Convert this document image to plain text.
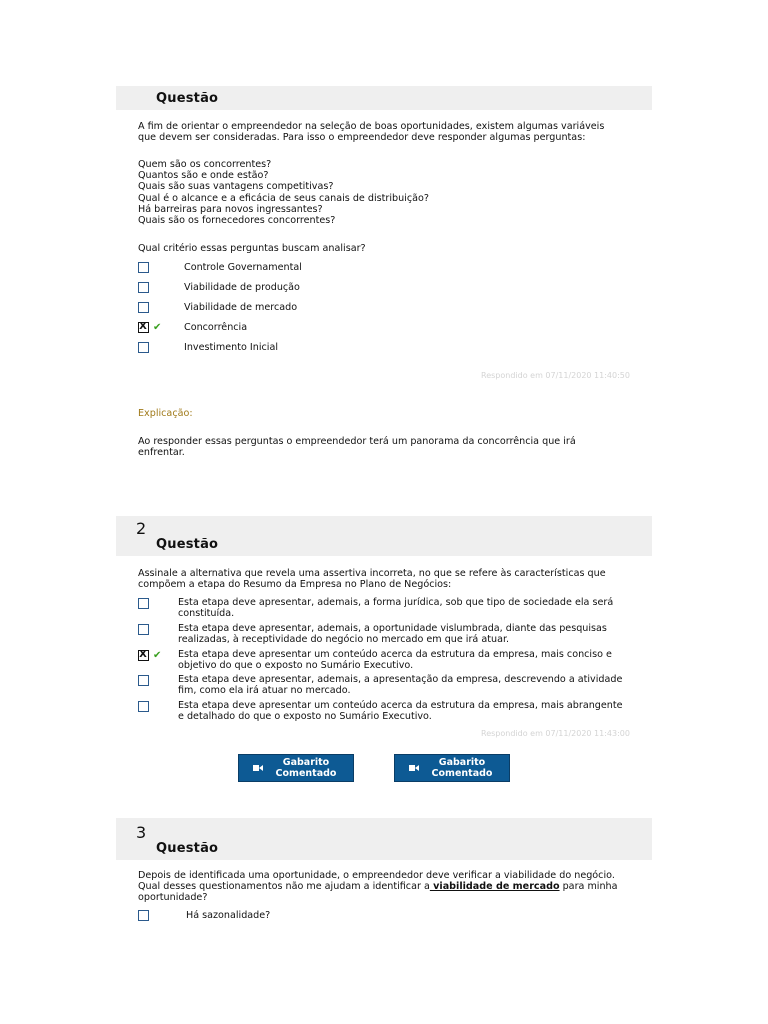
Questão
A fim de orientar o empreendedor na seleção de boas oportunidades, existem algumas variáveis
que devem ser consideradas. Para isso o empreendedor deve responder algumas perguntas:
Quem são os concorrentes?
Quantos são e onde estão?
Quais são suas vantagens competitivas?
Qual é o alcance e a eficácia de seus canais de distribuição?
Há barreiras para novos ingressantes?
Quais são os fornecedores concorrentes?
Qual critério essas perguntas buscam analisar?
Controle Governamental
Viabilidade de produção
Viabilidade de mercado
X ✔ Concorrência
Investimento Inicial
Respondido em 07/11/2020 11:40:50
Explicação:
Ao responder essas perguntas o empreendedor terá um panorama da concorrência que irá
enfrentar.
2
Questão
Assinale a alternativa que revela uma assertiva incorreta, no que se refere às características que
compõem a etapa do Resumo da Empresa no Plano de Negócios:
Esta etapa deve apresentar, ademais, a forma jurídica, sob que tipo de sociedade ela será
constituída.
Esta etapa deve apresentar, ademais, a oportunidade vislumbrada, diante das pesquisas
realizadas, à receptividade do negócio no mercado em que irá atuar.
X ✔ Esta etapa deve apresentar um conteúdo acerca da estrutura da empresa, mais conciso e
objetivo do que o exposto no Sumário Executivo.
Esta etapa deve apresentar, ademais, a apresentação da empresa, descrevendo a atividade
fim, como ela irá atuar no mercado.
Esta etapa deve apresentar um conteúdo acerca da estrutura da empresa, mais abrangente
e detalhado do que o exposto no Sumário Executivo.
Respondido em 07/11/2020 11:43:00
Gabarito
Comentado
Gabarito
Comentado
3
Questão
Depois de identificada uma oportunidade, o empreendedor deve verificar a viabilidade do negócio.
Qual desses questionamentos não me ajudam a identificar a viabilidade de mercado para minha
oportunidade?
Há sazonalidade?
